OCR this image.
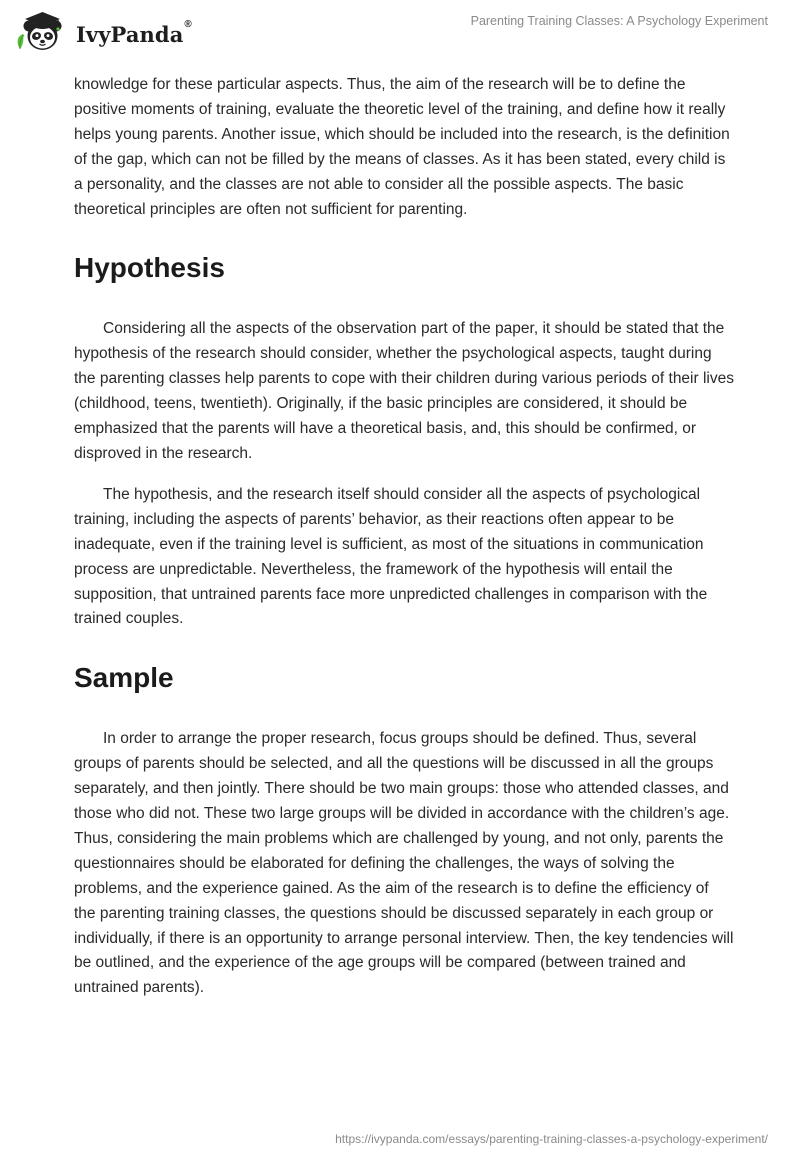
IvyPanda®	Parenting Training Classes: A Psychology Experiment

knowledge for these particular aspects. Thus, the aim of the research will be to define the positive moments of training, evaluate the theoretic level of the training, and define how it really helps young parents. Another issue, which should be included into the research, is the definition of the gap, which can not be filled by the means of classes. As it has been stated, every child is a personality, and the classes are not able to consider all the possible aspects. The basic theoretical principles are often not sufficient for parenting.

Hypothesis

Considering all the aspects of the observation part of the paper, it should be stated that the hypothesis of the research should consider, whether the psychological aspects, taught during the parenting classes help parents to cope with their children during various periods of their lives (childhood, teens, twentieth). Originally, if the basic principles are considered, it should be emphasized that the parents will have a theoretical basis, and, this should be confirmed, or disproved in the research.

The hypothesis, and the research itself should consider all the aspects of psychological training, including the aspects of parents’ behavior, as their reactions often appear to be inadequate, even if the training level is sufficient, as most of the situations in communication process are unpredictable. Nevertheless, the framework of the hypothesis will entail the supposition, that untrained parents face more unpredicted challenges in comparison with the trained couples.

Sample

In order to arrange the proper research, focus groups should be defined. Thus, several groups of parents should be selected, and all the questions will be discussed in all the groups separately, and then jointly. There should be two main groups: those who attended classes, and those who did not. These two large groups will be divided in accordance with the children’s age. Thus, considering the main problems which are challenged by young, and not only, parents the questionnaires should be elaborated for defining the challenges, the ways of solving the problems, and the experience gained. As the aim of the research is to define the efficiency of the parenting training classes, the questions should be discussed separately in each group or individually, if there is an opportunity to arrange personal interview. Then, the key tendencies will be outlined, and the experience of the age groups will be compared (between trained and untrained parents).

https://ivypanda.com/essays/parenting-training-classes-a-psychology-experiment/
